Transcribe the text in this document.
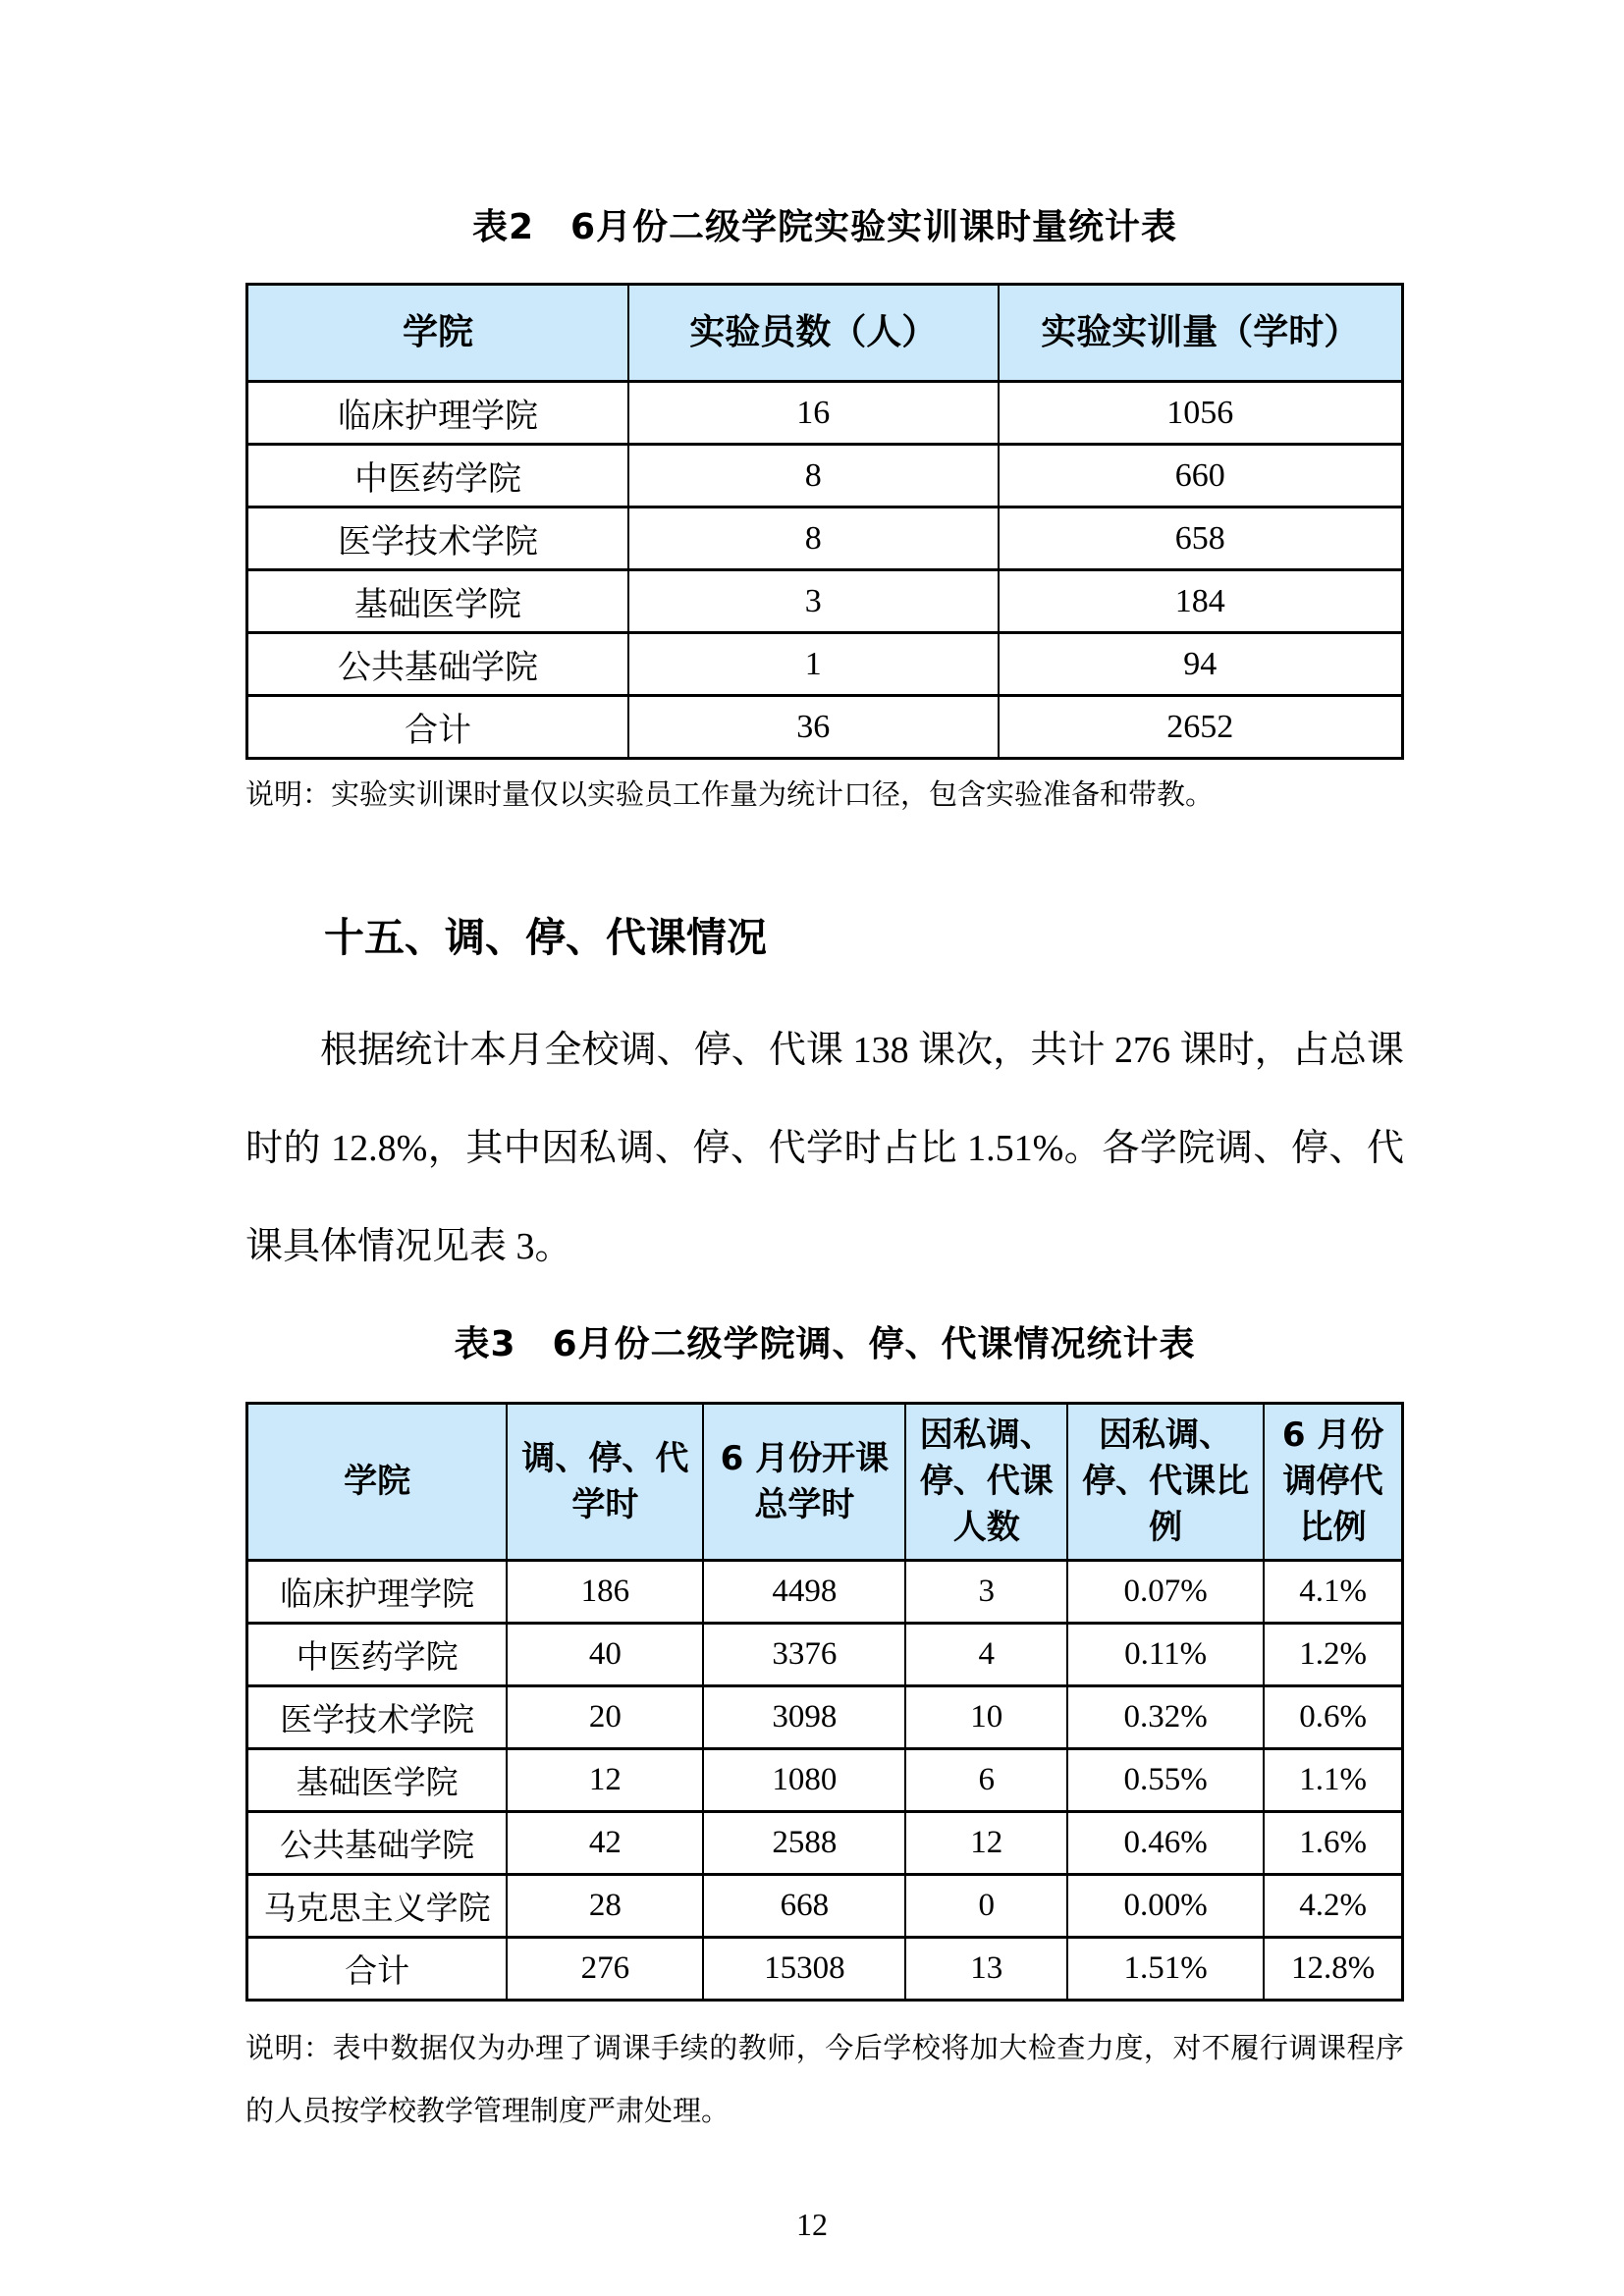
表2　6月份二级学院实验实训课时量统计表
学院	实验员数（人）	实验实训量（学时）
临床护理学院	16	1056
中医药学院	8	660
医学技术学院	8	658
基础医学院	3	184
公共基础学院	1	94
合计	36	2652
说明：实验实训课时量仅以实验员工作量为统计口径，包含实验准备和带教。
十五、调、停、代课情况

根据统计本月全校调、停、代课 138 课次，共计 276 课时，占总课时的 12.8%，其中因私调、停、代学时占比 1.51%。各学院调、停、代课具体情况见表 3。

表3　6月份二级学院调、停、代课情况统计表
学院	调、停、代学时	6 月份开课总学时	因私调、停、代课人数	因私调、停、代课比例	6 月份调停代比例
临床护理学院	186	4498	3	0.07%	4.1%
中医药学院	40	3376	4	0.11%	1.2%
医学技术学院	20	3098	10	0.32%	0.6%
基础医学院	12	1080	6	0.55%	1.1%
公共基础学院	42	2588	12	0.46%	1.6%
马克思主义学院	28	668	0	0.00%	4.2%
合计	276	15308	13	1.51%	12.8%
说明：表中数据仅为办理了调课手续的教师，今后学校将加大检查力度，对不履行调课程序的人员按学校教学管理制度严肃处理。
12
